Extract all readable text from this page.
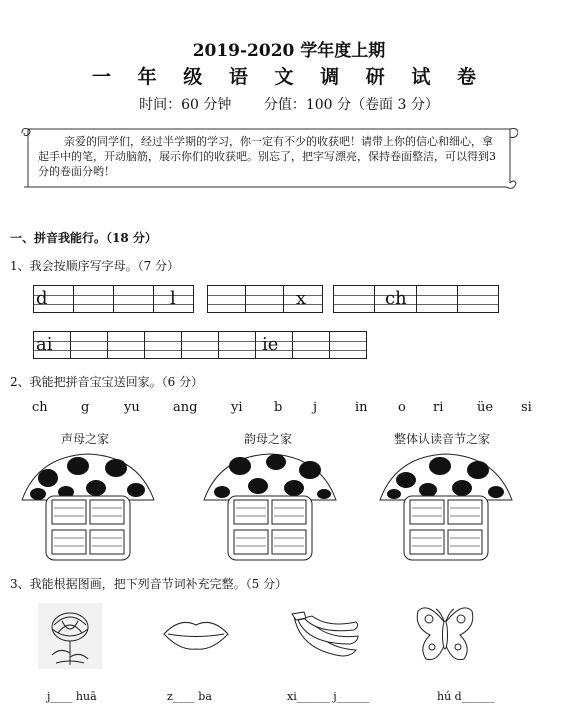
2019-2020 学年度上期
一 年 级 语 文 调 研 试 卷
时间：60 分钟 分值：100 分（卷面 3 分）
亲爱的同学们，经过半学期的学习，你一定有不少的收获吧！请带上你的信心和细心，拿起手中的笔，开动脑筋，展示你们的收获吧。别忘了，把字写漂亮，保持卷面整洁，可以得到3分的卷面分哟！
一、拼音我能行。（18 分）
1、我会按顺序写字母。（7 分）
d	l	x	ch
ai	ie
2、我能把拼音宝宝送回家。（6 分）
ch	g	yu	ang	yi b j	in o ri	üe si
声母之家	韵母之家	整体认读音节之家
3、我能根据图画，把下列音节词补充完整。（5 分）
j____ huā	z____ ba	xi______ j______	hú d______
